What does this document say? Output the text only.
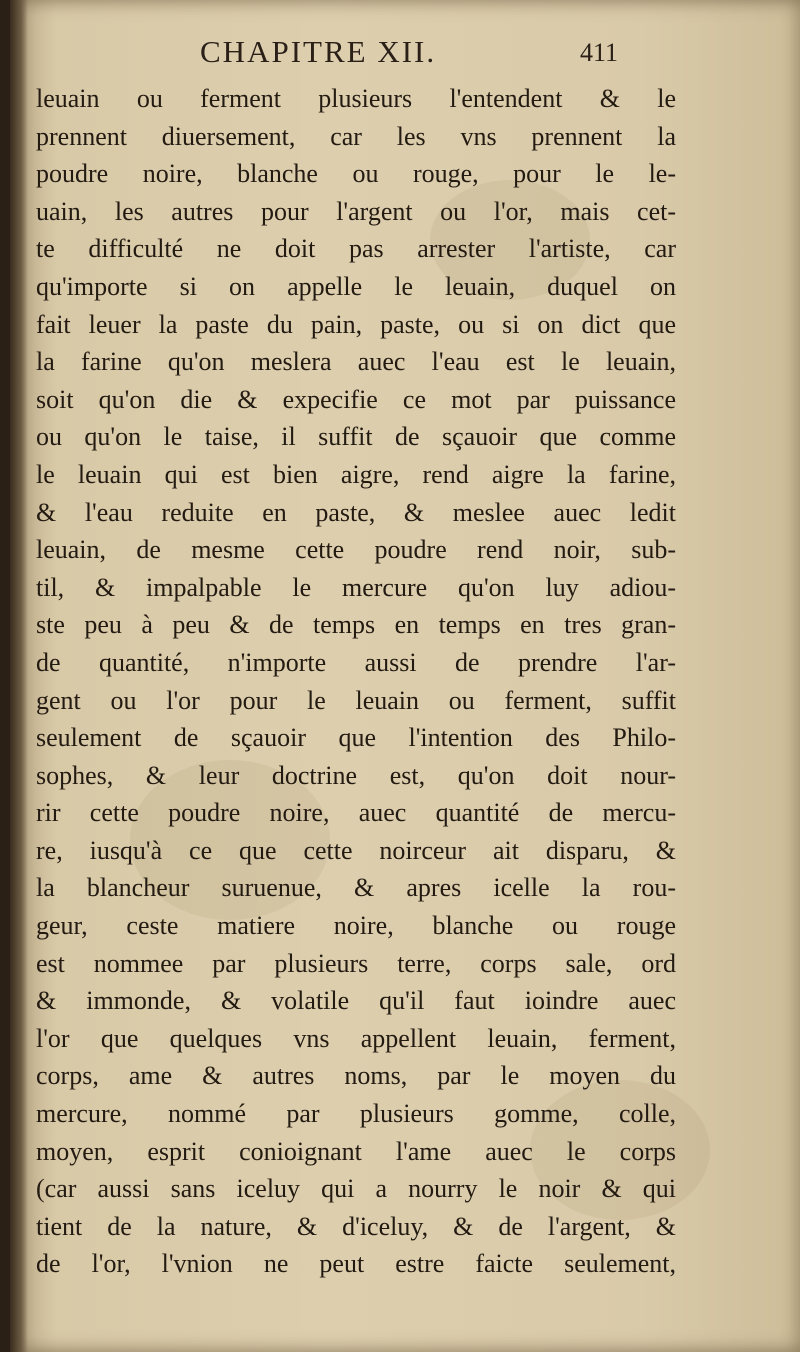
CHAPITRE XII.	411
leuain ou ferment plusieurs l'entendent & le
prennent diuersement, car les vns prennent la
poudre noire, blanche ou rouge, pour le le-
uain, les autres pour l'argent ou l'or, mais cet-
te difficulté ne doit pas arrester l'artiste, car
qu'importe si on appelle le leuain, duquel on
fait leuer la paste du pain, paste, ou si on dict que
la farine qu'on meslera auec l'eau est le leuain,
soit qu'on die & expecifie ce mot par puissance
ou qu'on le taise, il suffit de sçauoir que comme
le leuain qui est bien aigre, rend aigre la farine,
& l'eau reduite en paste, & meslee auec ledit
leuain, de mesme cette poudre rend noir, sub-
til, & impalpable le mercure qu'on luy adiou-
ste peu à peu & de temps en temps en tres gran-
de quantité, n'importe aussi de prendre l'ar-
gent ou l'or pour le leuain ou ferment, suffit
seulement de sçauoir que l'intention des Philo-
sophes, & leur doctrine est, qu'on doit nour-
rir cette poudre noire, auec quantité de mercu-
re, iusqu'à ce que cette noirceur ait disparu, &
la blancheur suruenue, & apres icelle la rou-
geur, ceste matiere noire, blanche ou rouge
est nommee par plusieurs terre, corps sale, ord
& immonde, & volatile qu'il faut ioindre auec
l'or que quelques vns appellent leuain, ferment,
corps, ame & autres noms, par le moyen du
mercure, nommé par plusieurs gomme, colle,
moyen, esprit conioignant l'ame auec le corps
(car aussi sans iceluy qui a nourry le noir & qui
tient de la nature, & d'iceluy, & de l'argent, &
de l'or, l'vnion ne peut estre faicte seulement,
